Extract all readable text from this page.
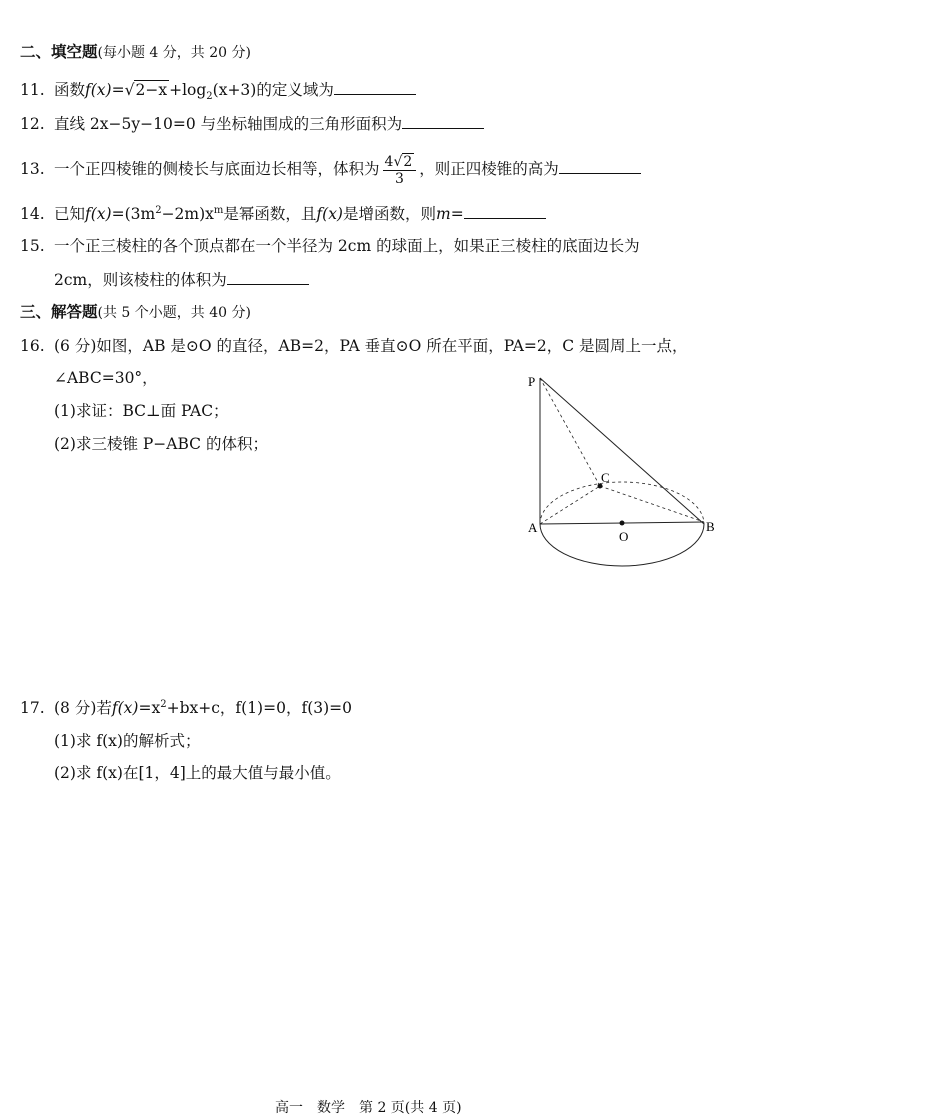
二、填空题(每小题 4 分，共 20 分)
11. 函数$f(x)=√2-x +\log_2(x+3)$的定义域为
12. 直线 2x−5y−10=0 与坐标轴围成的三角形面积为
13. 一个正四棱锥的侧棱长与底面边长相等，体积为 $\frac{4√2}{3}$ ，则正四棱锥的高为
14. 已知$f(x)=(3m^2-2m)x^m$是幂函数，且f(x)是增函数，则m=
15. 一个正三棱柱的各个顶点都在一个半径为 2cm 的球面上，如果正三棱柱的底面边长为
2cm，则该棱柱的体积为
三、解答题(共 5 个小题，共 40 分)
16. (6 分)如图，AB 是⊙O 的直径，AB=2，PA 垂直⊙O 所在平面，PA=2，C 是圆周上一点，
∠ABC=30°，
(1)求证：BC⊥面 PAC；
(2)求三棱锥 P−ABC 的体积；
P
A	B
C
O
17. (8 分)若$f(x)=x^2+bx+c$，f(1)=0，f(3)=0
(1)求 f(x)的解析式；
(2)求 f(x)在[1，4]上的最大值与最小值。
高一　数学　第 2 页(共 4 页)
